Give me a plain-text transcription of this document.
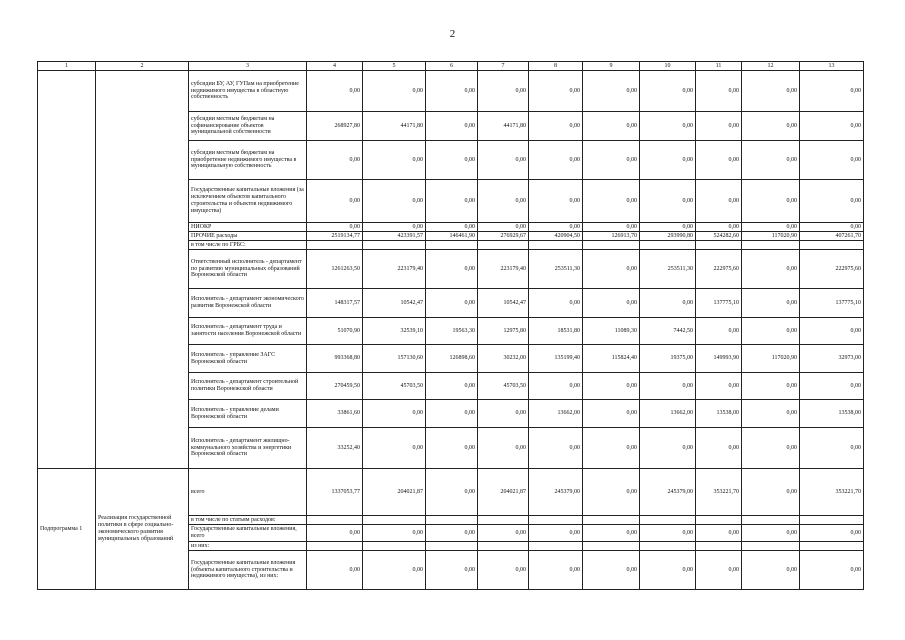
2
1	2	3	4	5	6	7	8	9	10	11	12	13
		субсидии БУ, АУ, ГУПам на приобретение недвижимого имущества в областную собственность	0,00	0,00	0,00	0,00	0,00	0,00	0,00	0,00	0,00	0,00
		субсидии местным бюджетам на софинансирование объектов муниципальной собственности	268927,80	44171,80	0,00	44171,80	0,00	0,00	0,00	0,00	0,00	0,00
		субсидии местным бюджетам на приобретение недвижимого имущества в муниципальную собственность	0,00	0,00	0,00	0,00	0,00	0,00	0,00	0,00	0,00	0,00
		Государственные капитальные вложения (за исключением объектов капитального строительства и объектов недвижимого имущества)	0,00	0,00	0,00	0,00	0,00	0,00	0,00	0,00	0,00	0,00
		НИОКР	0,00	0,00	0,00	0,00	0,00	0,00	0,00	0,00	0,00	0,00
		ПРОЧИЕ расходы	2519134,77	423391,57	146461,90	276929,67	420904,50	126913,70	293990,80	524282,60	117020,90	407261,70
		в том числе по ГРБС:										
		Ответственный исполнитель - департамент по развитию муниципальных образований Воронежской области	1261263,50	223179,40	0,00	223179,40	253511,30	0,00	253511,30	222975,60	0,00	222975,60
		Исполнитель - департамент экономического развития Воронежской области	148317,57	10542,47	0,00	10542,47	0,00	0,00	0,00	137775,10	0,00	137775,10
		Исполнитель - департамент труда и занятости населения Воронежской области	51070,90	32539,10	19563,30	12975,80	18531,80	11089,30	7442,50	0,00	0,00	0,00
		Исполнитель - управление ЗАГС Воронежской области	993368,80	157130,60	126898,60	30232,00	135199,40	115824,40	19375,00	149993,90	117020,90	32973,00
		Исполнитель - департамент строительной политики Воронежской области	270459,50	45703,50	0,00	45703,50	0,00	0,00	0,00	0,00	0,00	0,00
		Исполнитель - управление делами Воронежской области	33861,60	0,00	0,00	0,00	13662,00	0,00	13662,00	13538,00	0,00	13538,00
		Исполнитель - департамент жилищно-коммунального хозяйства и энергетики Воронежской области	33252,40	0,00	0,00	0,00	0,00	0,00	0,00	0,00	0,00	0,00
Подпрограмма 1	Реализация государственной политики в сфере социально-экономического развития муниципальных образований	всего	1337053,77	204021,87	0,00	204021,87	245379,00	0,00	245379,00	353221,70	0,00	353221,70
		в том числе по статьям расходов:										
		Государственные капитальные вложения, всего	0,00	0,00	0,00	0,00	0,00	0,00	0,00	0,00	0,00	0,00
		из них:										
		Государственные капитальные вложения (объекты капитального строительства и недвижимого имущества), из них:	0,00	0,00	0,00	0,00	0,00	0,00	0,00	0,00	0,00	0,00
